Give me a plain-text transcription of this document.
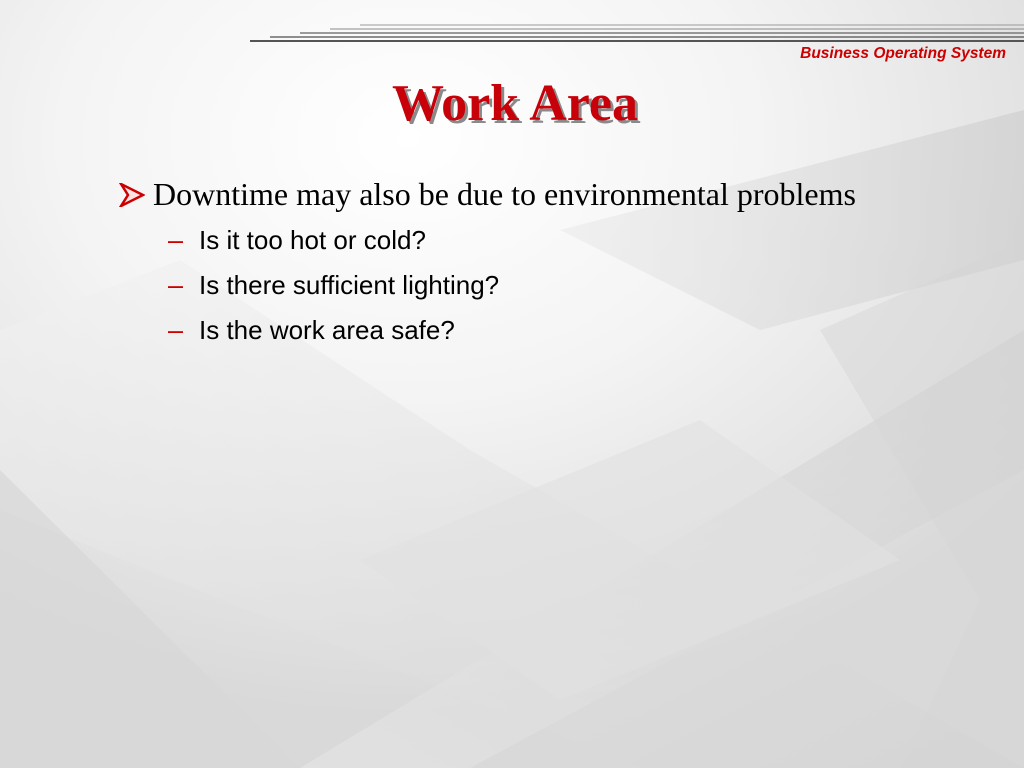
Business Operating System
Work Area
Downtime may also be due to environmental problems
– Is it too hot or cold?
– Is there sufficient lighting?
– Is the work area safe?
